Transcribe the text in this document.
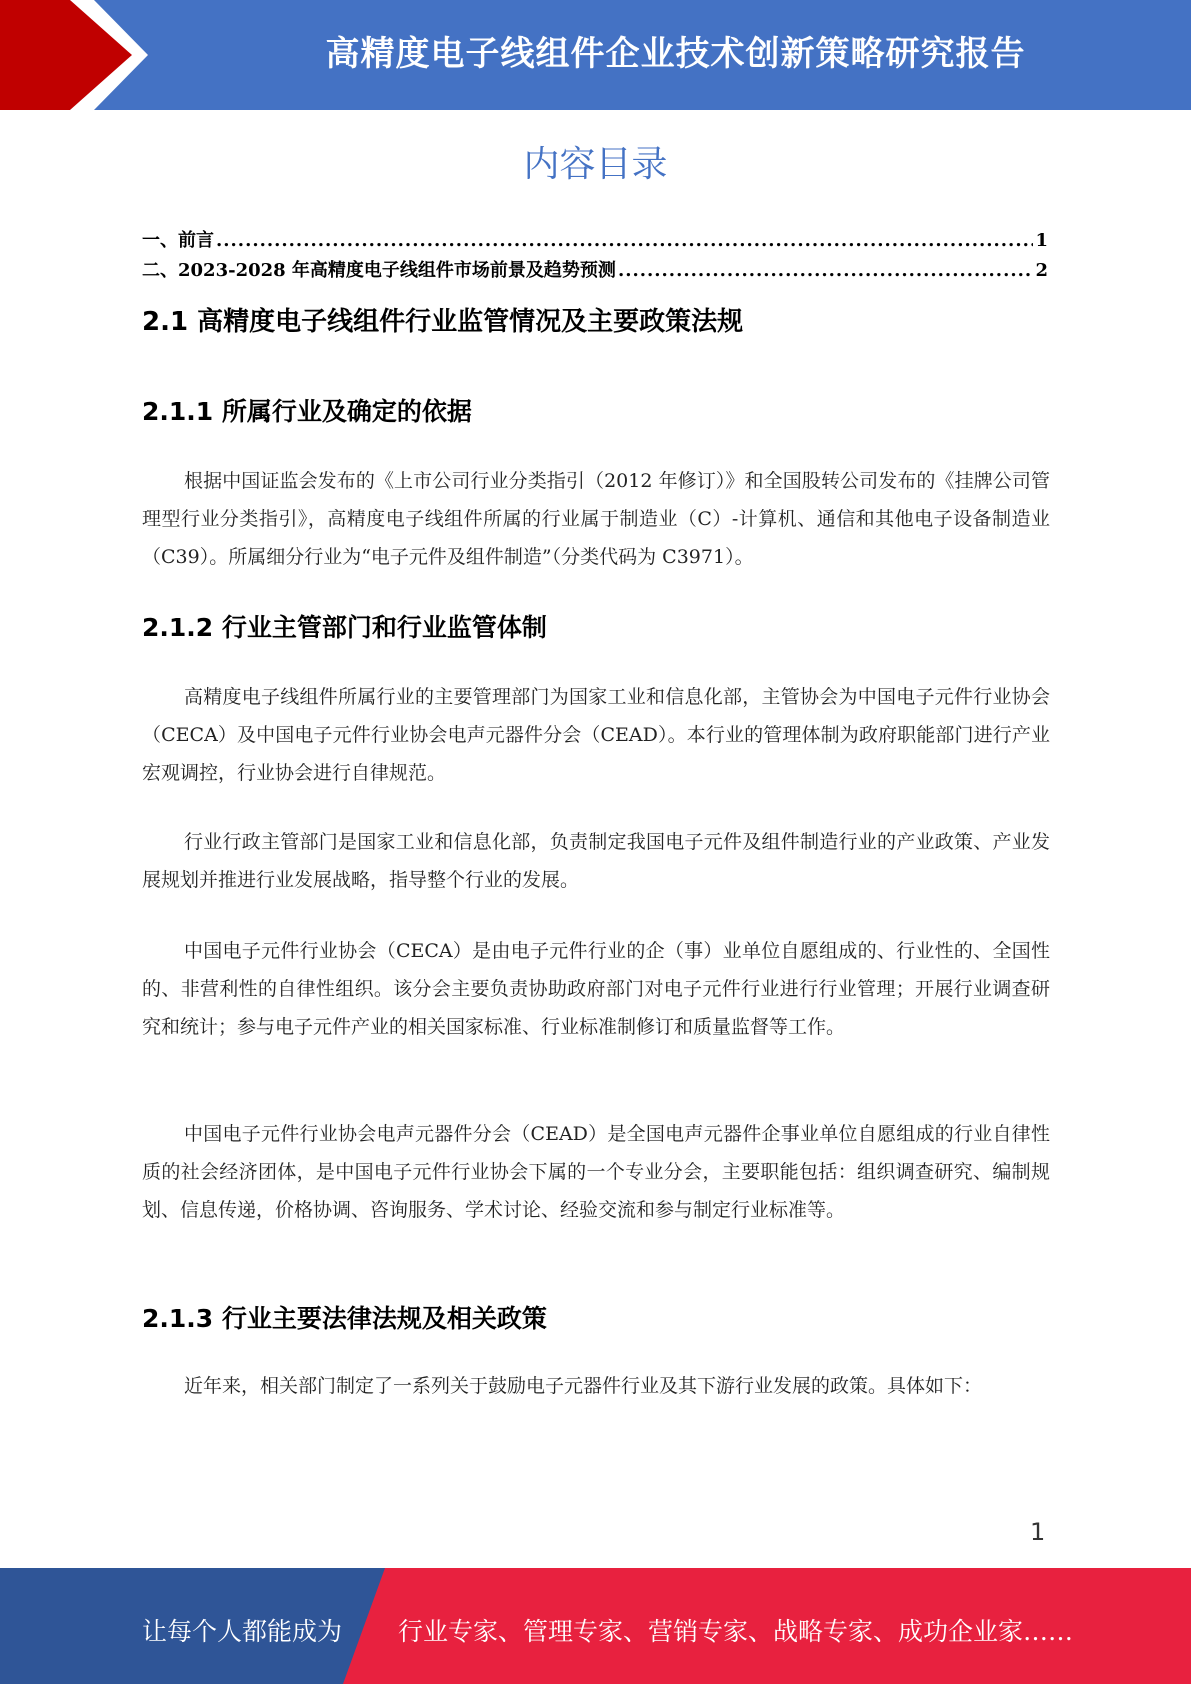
高精度电子线组件企业技术创新策略研究报告
内容目录
一、前言 .....	1
二、2023-2028 年高精度电子线组件市场前景及趋势预测 .....	2
2.1 高精度电子线组件行业监管情况及主要政策法规
2.1.1 所属行业及确定的依据
根据中国证监会发布的《上市公司行业分类指引（2012 年修订）》和全国股转公司发布的《挂牌公司管理型行业分类指引》，高精度电子线组件所属的行业属于制造业（C）-计算机、通信和其他电子设备制造业（C39）。所属细分行业为“电子元件及组件制造”（分类代码为 C3971）。
2.1.2 行业主管部门和行业监管体制
高精度电子线组件所属行业的主要管理部门为国家工业和信息化部，主管协会为中国电子元件行业协会（CECA）及中国电子元件行业协会电声元器件分会（CEAD）。本行业的管理体制为政府职能部门进行产业宏观调控，行业协会进行自律规范。
行业行政主管部门是国家工业和信息化部，负责制定我国电子元件及组件制造行业的产业政策、产业发展规划并推进行业发展战略，指导整个行业的发展。
中国电子元件行业协会（CECA）是由电子元件行业的企（事）业单位自愿组成的、行业性的、全国性的、非营利性的自律性组织。该分会主要负责协助政府部门对电子元件行业进行行业管理；开展行业调查研究和统计；参与电子元件产业的相关国家标准、行业标准制修订和质量监督等工作。
中国电子元件行业协会电声元器件分会（CEAD）是全国电声元器件企事业单位自愿组成的行业自律性质的社会经济团体，是中国电子元件行业协会下属的一个专业分会，主要职能包括：组织调查研究、编制规划、信息传递，价格协调、咨询服务、学术讨论、经验交流和参与制定行业标准等。
2.1.3 行业主要法律法规及相关政策
近年来，相关部门制定了一系列关于鼓励电子元器件行业及其下游行业发展的政策。具体如下：
1
让每个人都能成为 行业专家、管理专家、营销专家、战略专家、成功企业家……
